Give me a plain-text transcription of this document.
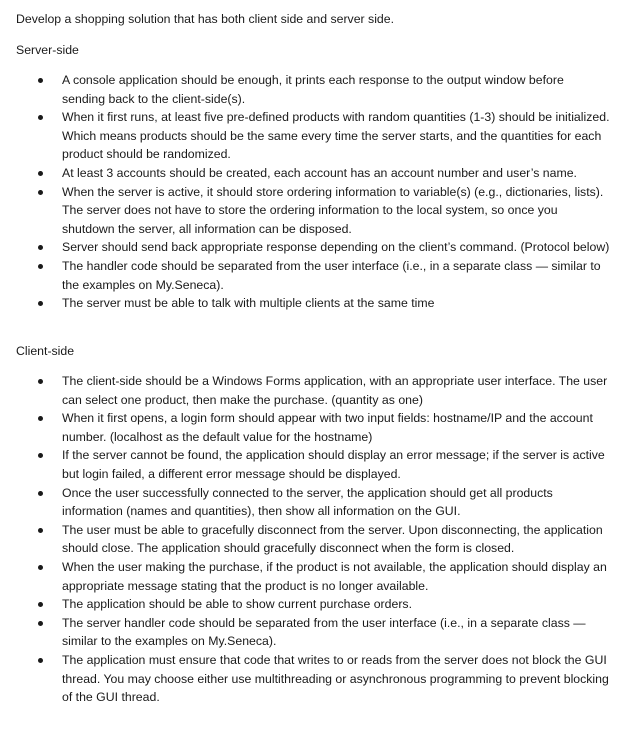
Develop a shopping solution that has both client side and server side.
Server-side
A console application should be enough, it prints each response to the output window before sending back to the client-side(s).
When it first runs, at least five pre-defined products with random quantities (1-3) should be initialized. Which means products should be the same every time the server starts, and the quantities for each product should be randomized.
At least 3 accounts should be created, each account has an account number and user’s name.
When the server is active, it should store ordering information to variable(s) (e.g., dictionaries, lists). The server does not have to store the ordering information to the local system, so once you shutdown the server, all information can be disposed.
Server should send back appropriate response depending on the client’s command. (Protocol below)
The handler code should be separated from the user interface (i.e., in a separate class — similar to the examples on My.Seneca).
The server must be able to talk with multiple clients at the same time
Client-side
The client-side should be a Windows Forms application, with an appropriate user interface. The user can select one product, then make the purchase. (quantity as one)
When it first opens, a login form should appear with two input fields: hostname/IP and the account number. (localhost as the default value for the hostname)
If the server cannot be found, the application should display an error message; if the server is active but login failed, a different error message should be displayed.
Once the user successfully connected to the server, the application should get all products information (names and quantities), then show all information on the GUI.
The user must be able to gracefully disconnect from the server. Upon disconnecting, the application should close. The application should gracefully disconnect when the form is closed.
When the user making the purchase, if the product is not available, the application should display an appropriate message stating that the product is no longer available.
The application should be able to show current purchase orders.
The server handler code should be separated from the user interface (i.e., in a separate class — similar to the examples on My.Seneca).
The application must ensure that code that writes to or reads from the server does not block the GUI thread. You may choose either use multithreading or asynchronous programming to prevent blocking of the GUI thread.
